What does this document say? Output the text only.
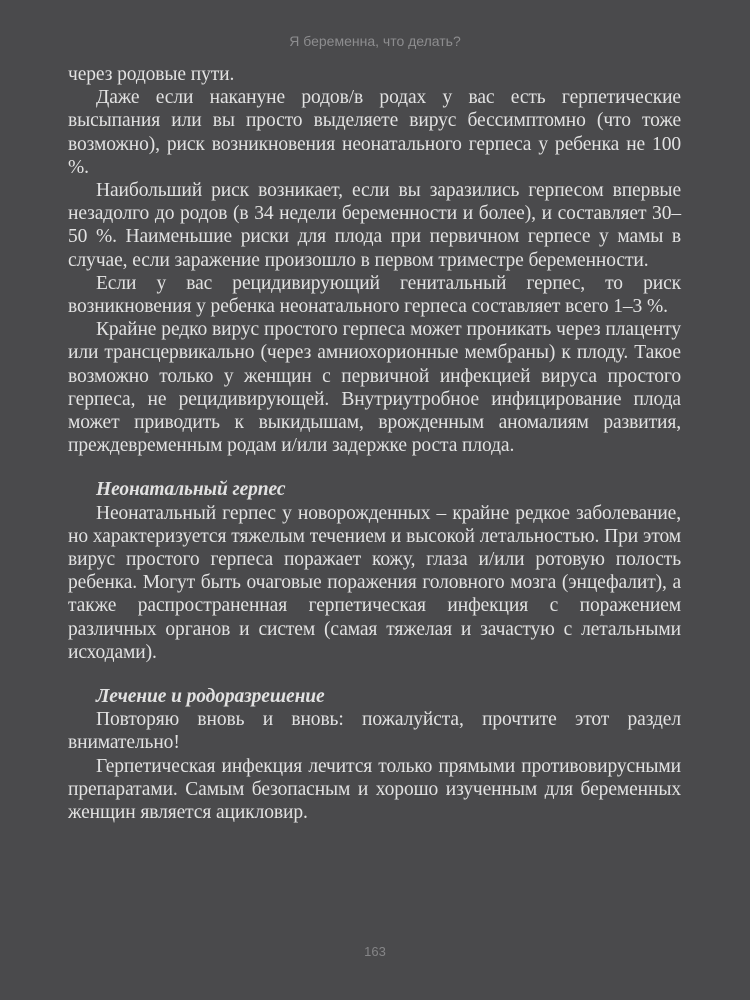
Я беременна, что делать?

через родовые пути.

Даже если накануне родов/в родах у вас есть герпетические высыпания или вы просто выделяете вирус бессимптомно (что тоже возможно), риск возникновения неонатального герпеса у ребенка не 100 %.

Наибольший риск возникает, если вы заразились герпесом впервые незадолго до родов (в 34 недели беременности и более), и составляет 30–50 %. Наименьшие риски для плода при первичном герпесе у мамы в случае, если заражение произошло в первом триместре беременности.

Если у вас рецидивирующий генитальный герпес, то риск возникновения у ребенка неонатального герпеса составляет всего 1–3 %.

Крайне редко вирус простого герпеса может проникать через плаценту или трансцервикально (через амниохорионные мембраны) к плоду. Такое возможно только у женщин с первичной инфекцией вируса простого герпеса, не рецидивирующей. Внутриутробное инфицирование плода может приводить к выкидышам, врожденным аномалиям развития, преждевременным родам и/или задержке роста плода.

Неонатальный герпес

Неонатальный герпес у новорожденных – крайне редкое заболевание, но характеризуется тяжелым течением и высокой летальностью. При этом вирус простого герпеса поражает кожу, глаза и/или ротовую полость ребенка. Могут быть очаговые поражения головного мозга (энцефалит), а также распространенная герпетическая инфекция с поражением различных органов и систем (самая тяжелая и зачастую с летальными исходами).

Лечение и родоразрешение

Повторяю вновь и вновь: пожалуйста, прочтите этот раздел внимательно!

Герпетическая инфекция лечится только прямыми противовирусными препаратами. Самым безопасным и хорошо изученным для беременных женщин является ацикловир.

163
